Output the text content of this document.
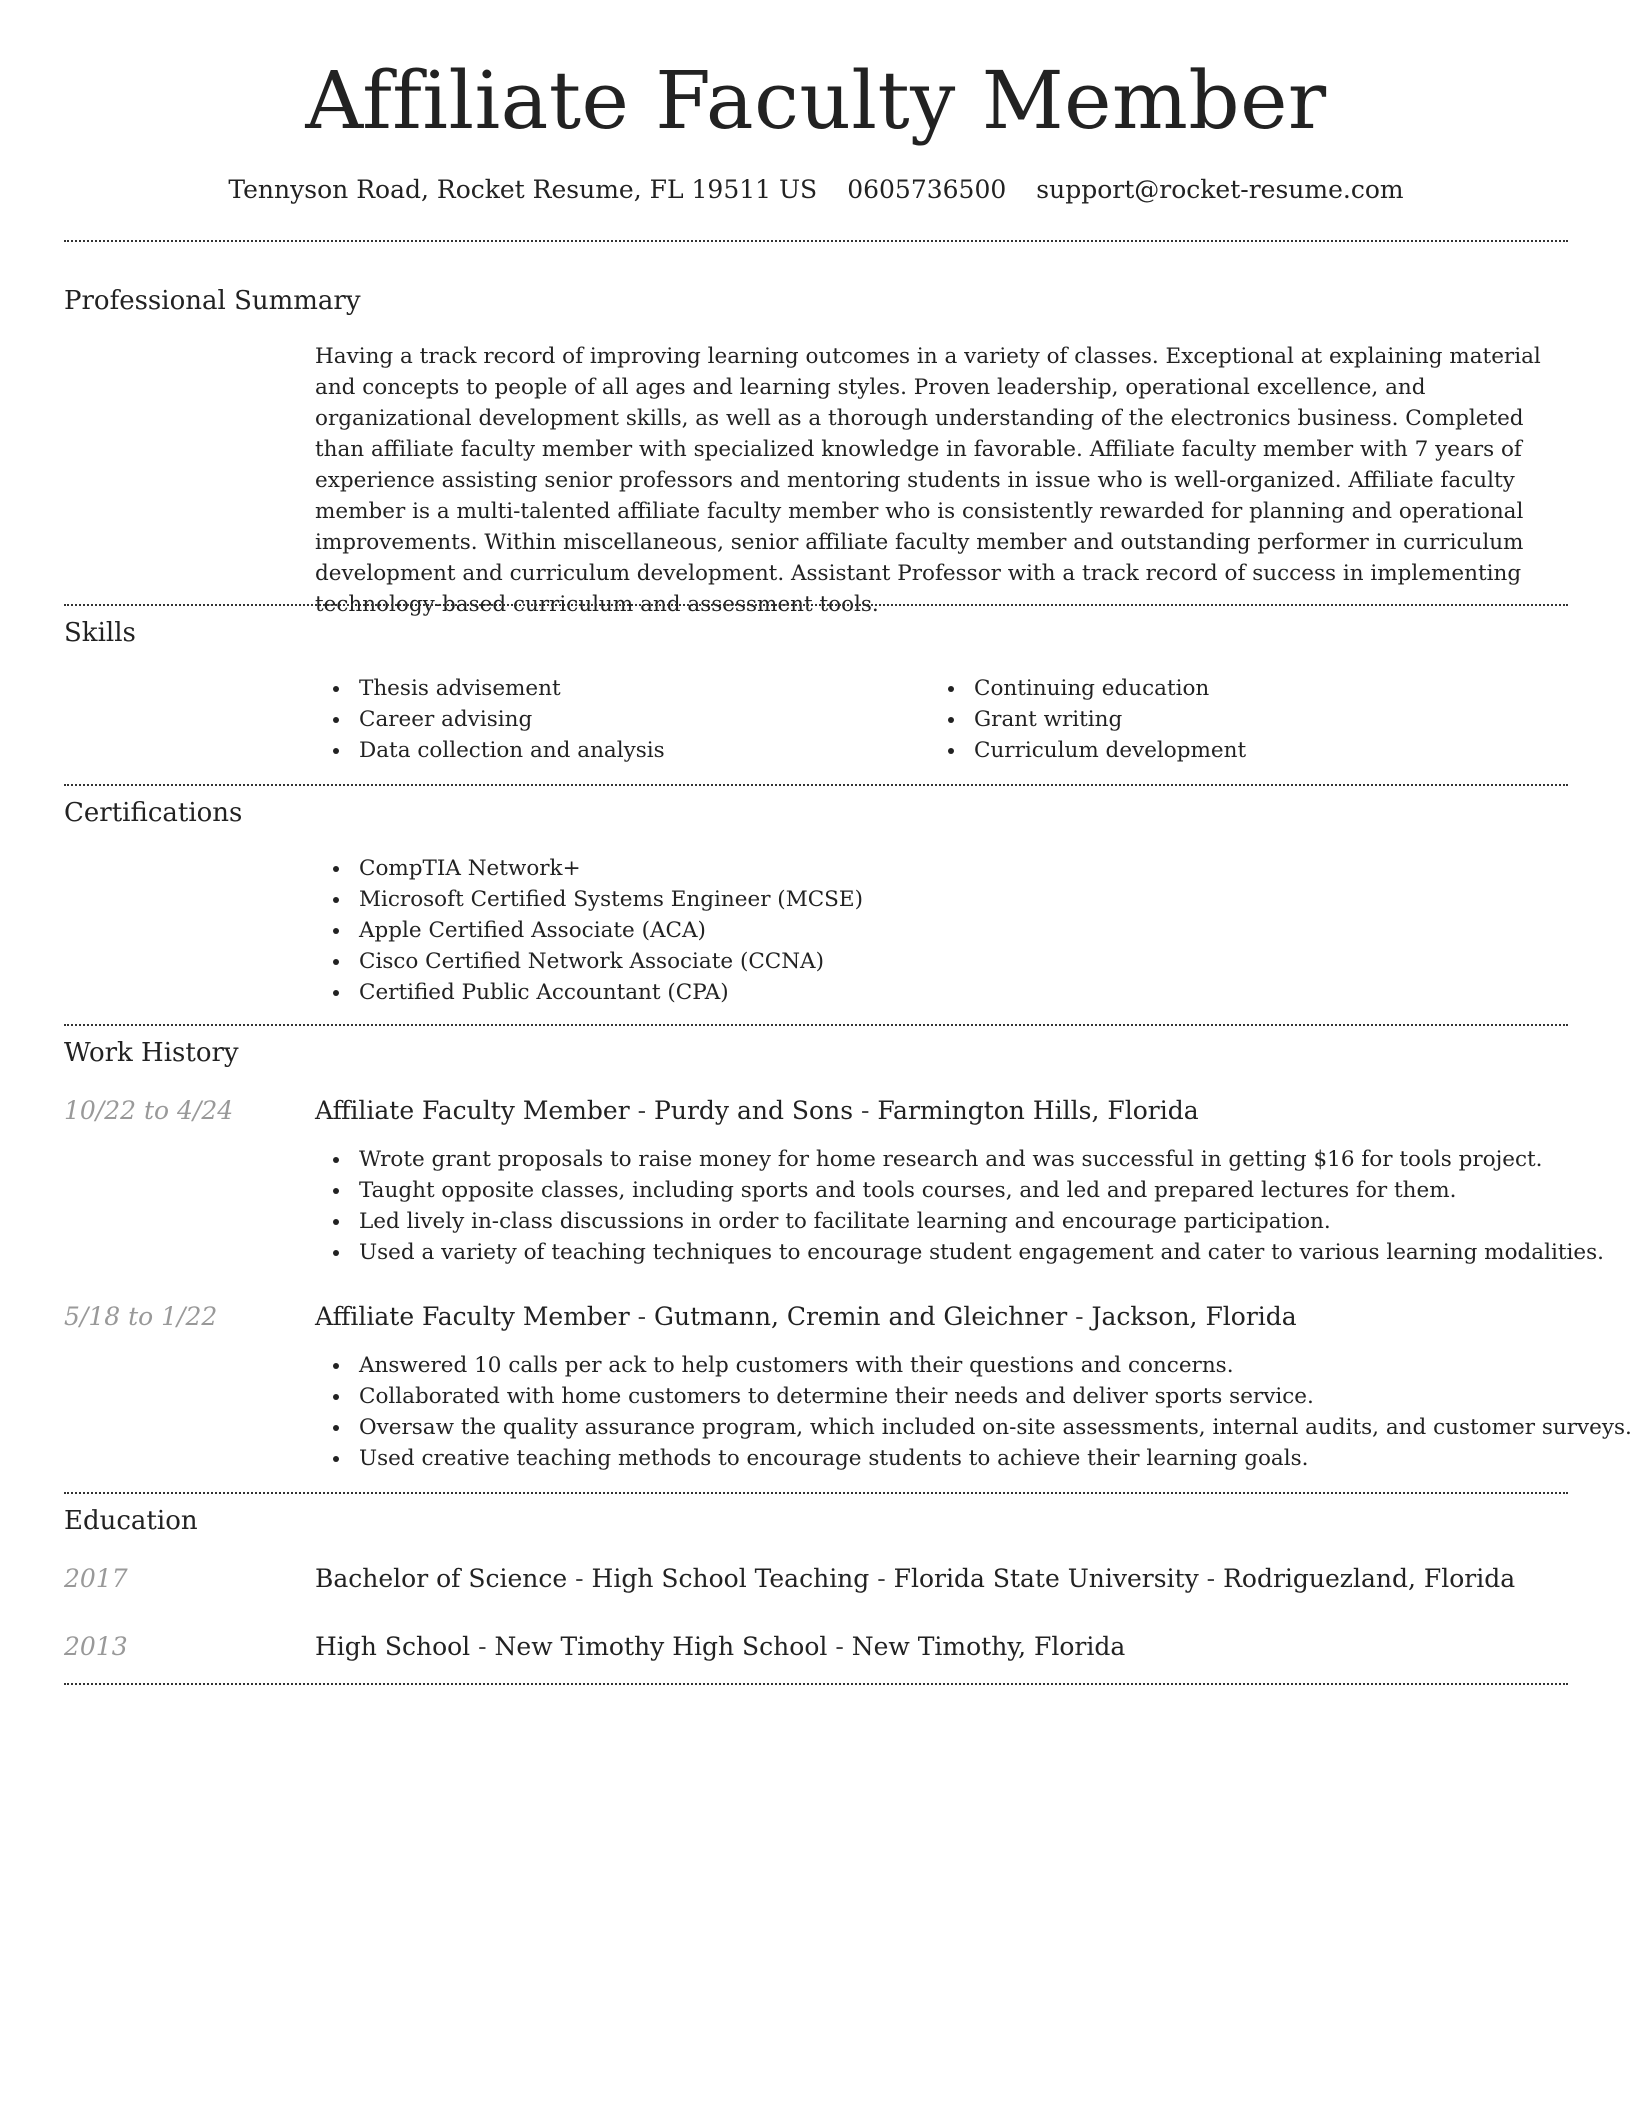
Affiliate Faculty Member
Tennyson Road, Rocket Resume, FL 19511 US 0605736500 support@rocket-resume.com
Professional Summary

Having a track record of improving learning outcomes in a variety of classes. Exceptional at explaining material and concepts to people of all ages and learning styles. Proven leadership, operational excellence, and organizational development skills, as well as a thorough understanding of the electronics business. Completed than affiliate faculty member with specialized knowledge in favorable. Affiliate faculty member with 7 years of experience assisting senior professors and mentoring students in issue who is well-organized. Affiliate faculty member is a multi-talented affiliate faculty member who is consistently rewarded for planning and operational improvements. Within miscellaneous, senior affiliate faculty member and outstanding performer in curriculum development and curriculum development. Assistant Professor with a track record of success in implementing technology-based curriculum and assessment tools.

Skills
Thesis advisement
Career advising
Data collection and analysis
Continuing education
Grant writing
Curriculum development
Certifications
CompTIA Network+
Microsoft Certified Systems Engineer (MCSE)
Apple Certified Associate (ACA)
Cisco Certified Network Associate (CCNA)
Certified Public Accountant (CPA)
Work History
10/22 to 4/24	Affiliate Faculty Member - Purdy and Sons - Farmington Hills, Florida
Wrote grant proposals to raise money for home research and was successful in getting $16 for tools project.
Taught opposite classes, including sports and tools courses, and led and prepared lectures for them.
Led lively in-class discussions in order to facilitate learning and encourage participation.
Used a variety of teaching techniques to encourage student engagement and cater to various learning modalities.
5/18 to 1/22	Affiliate Faculty Member - Gutmann, Cremin and Gleichner - Jackson, Florida
Answered 10 calls per ack to help customers with their questions and concerns.
Collaborated with home customers to determine their needs and deliver sports service.
Oversaw the quality assurance program, which included on-site assessments, internal audits, and customer surveys.
Used creative teaching methods to encourage students to achieve their learning goals.
Education
2017	Bachelor of Science - High School Teaching - Florida State University - Rodriguezland, Florida
2013	High School - New Timothy High School - New Timothy, Florida
